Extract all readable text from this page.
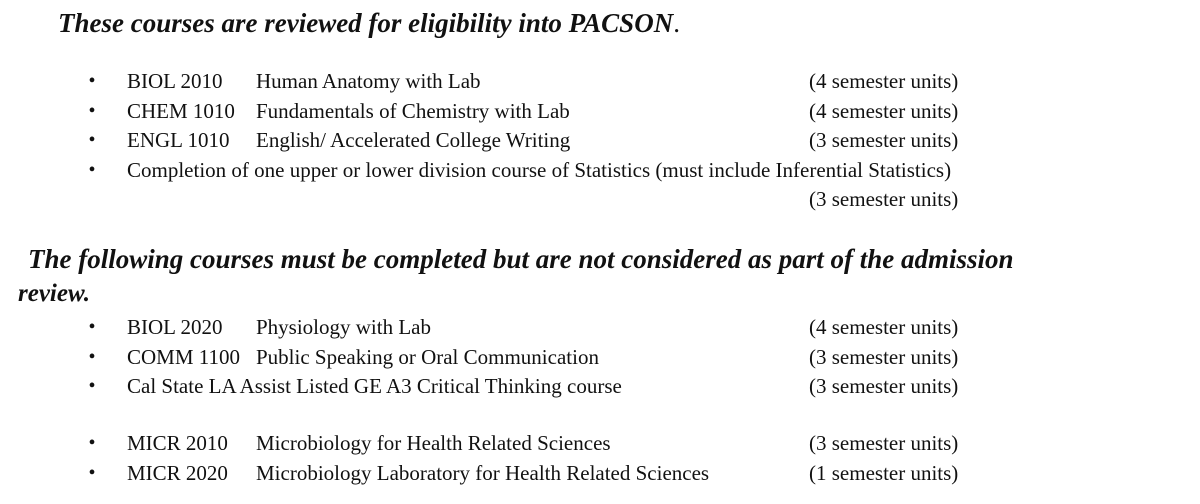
These courses are reviewed for eligibility into PACSON.
• BIOL 2010 Human Anatomy with Lab	(4 semester units)
• CHEM 1010 Fundamentals of Chemistry with Lab	(4 semester units)
• ENGL 1010 English/ Accelerated College Writing	(3 semester units)
• Completion of one upper or lower division course of Statistics (must include Inferential Statistics)
(3 semester units)
The following courses must be completed but are not considered as part of the admission
review.
• BIOL 2020 Physiology with Lab	(4 semester units)
• COMM 1100 Public Speaking or Oral Communication	(3 semester units)
• Cal State LA Assist Listed GE A3 Critical Thinking course	(3 semester units)
• MICR 2010 Microbiology for Health Related Sciences	(3 semester units)
• MICR 2020 Microbiology Laboratory for Health Related Sciences	(1 semester units)
